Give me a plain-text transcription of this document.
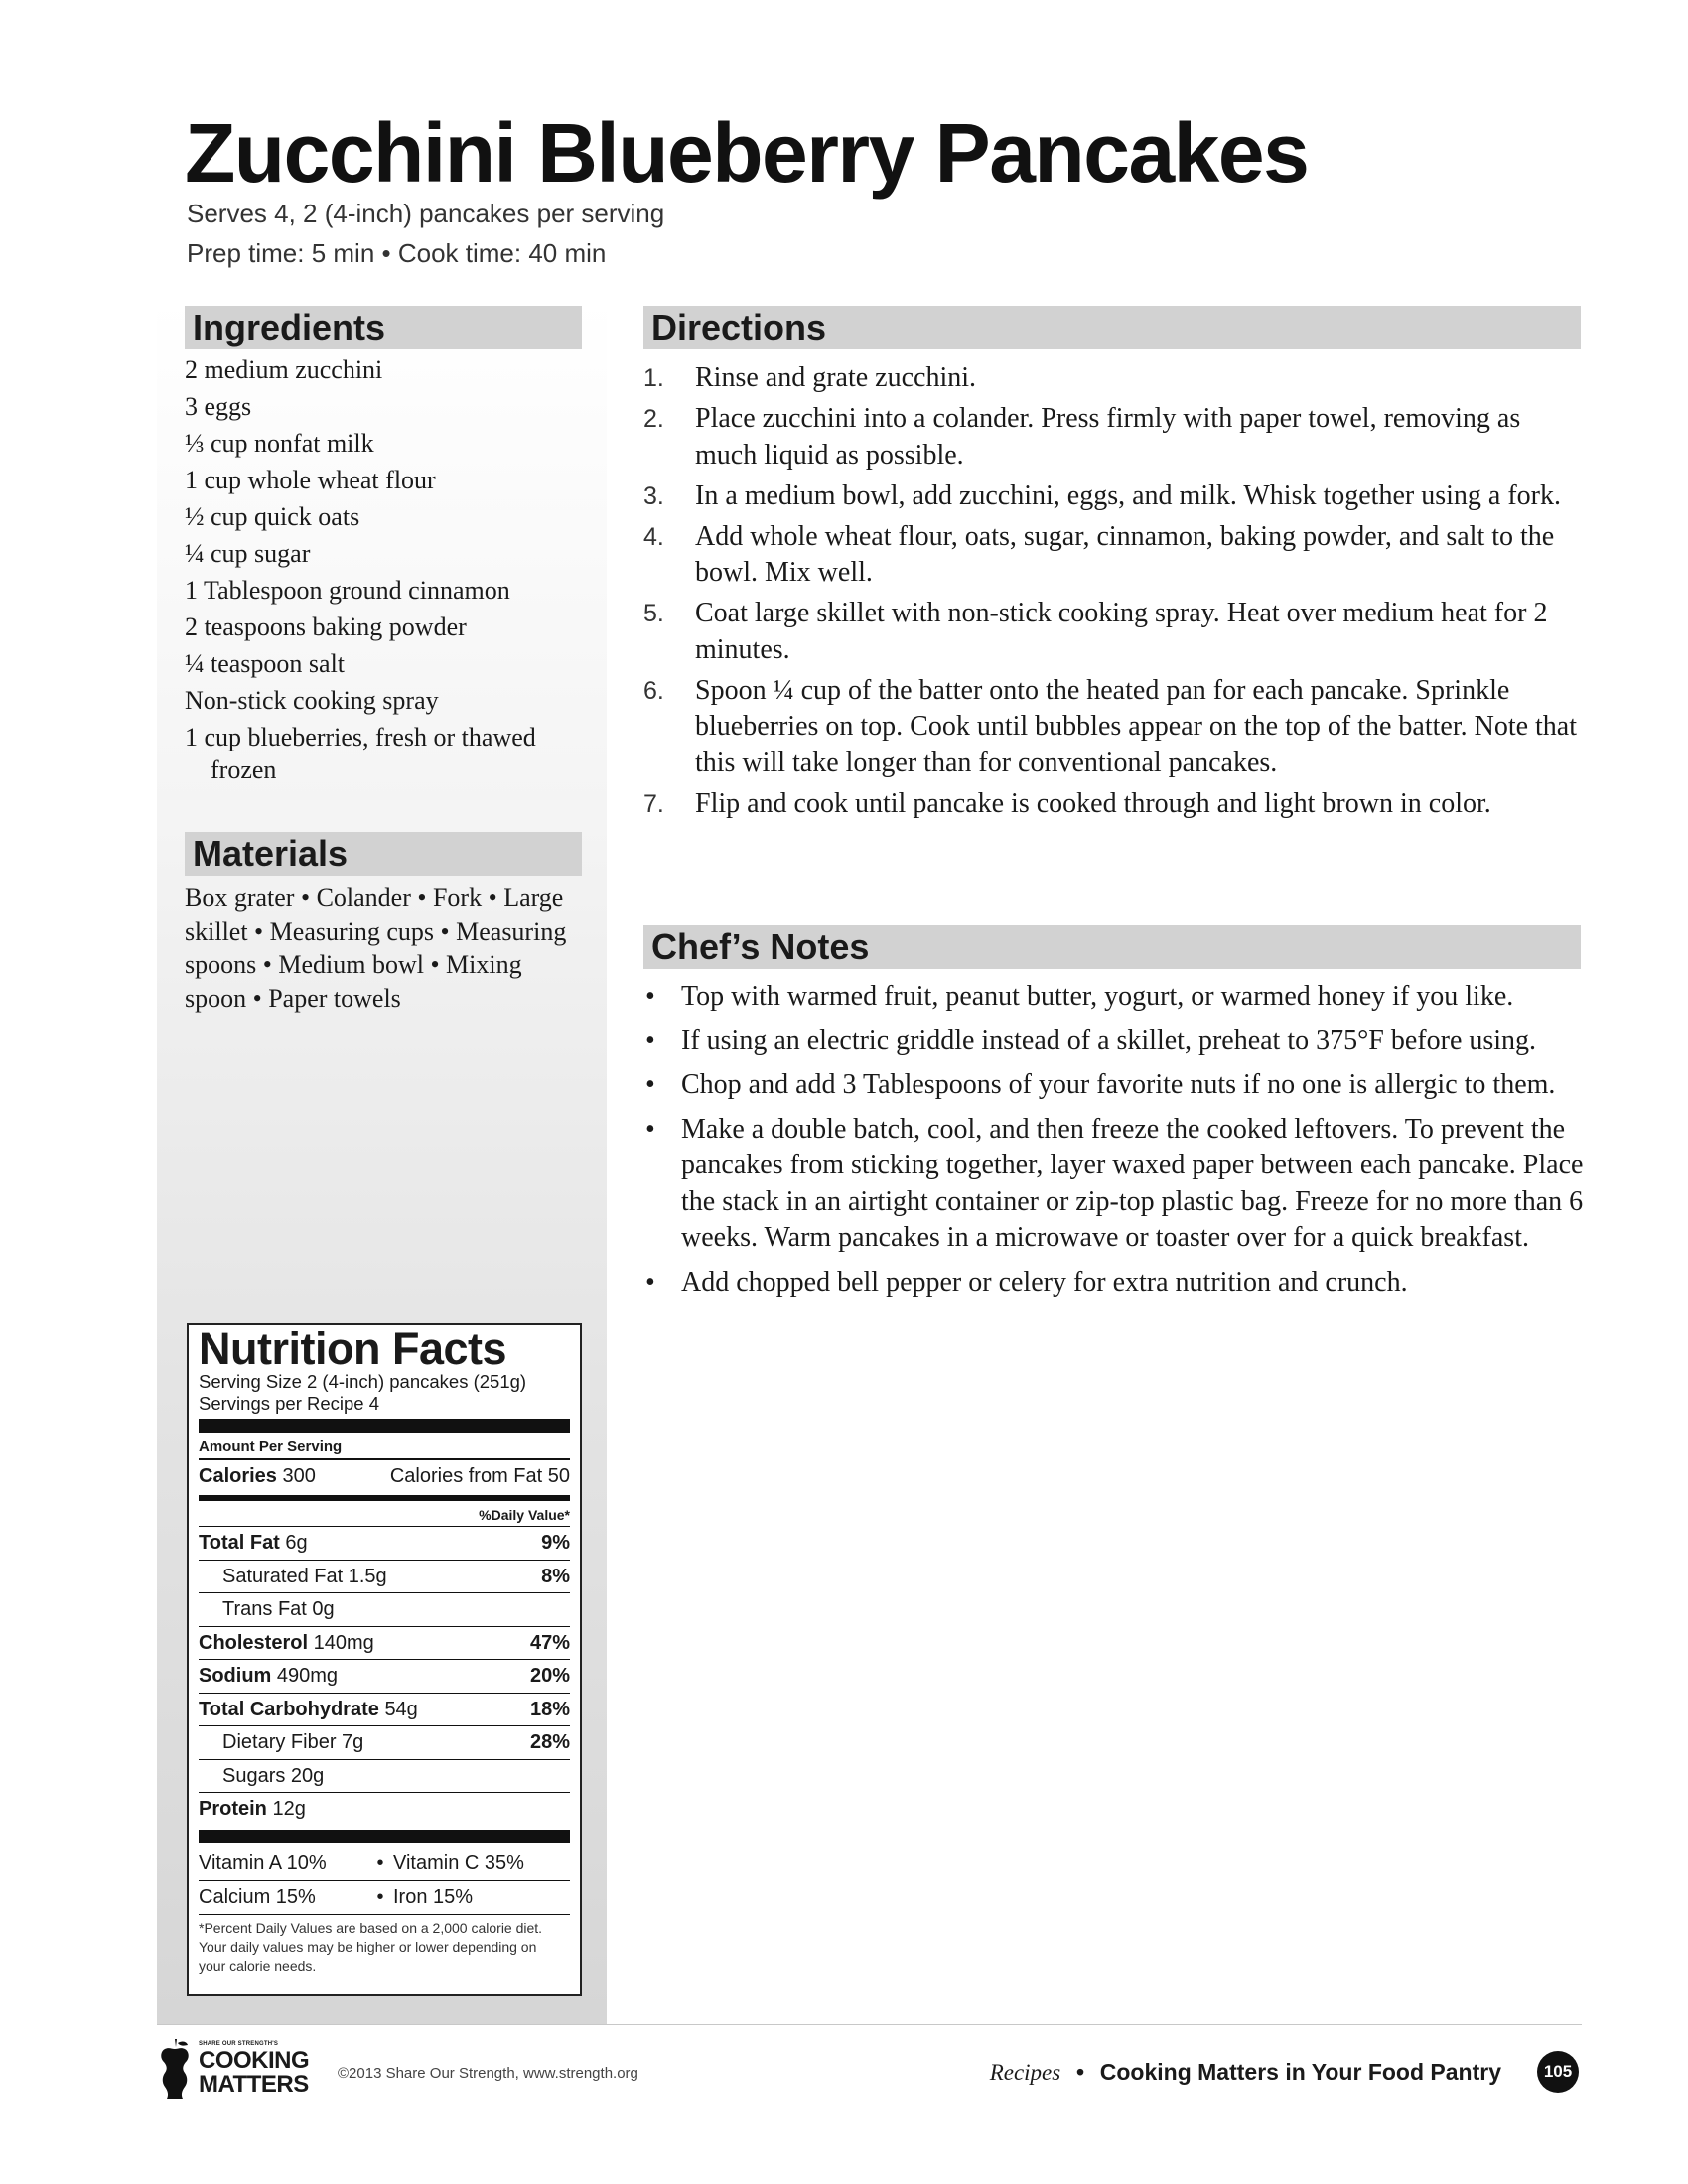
Zucchini Blueberry Pancakes
Serves 4, 2 (4-inch) pancakes per serving
Prep time: 5 min • Cook time: 40 min
Ingredients
2 medium zucchini
3 eggs
⅓ cup nonfat milk
1 cup whole wheat flour
½ cup quick oats
¼ cup sugar
1 Tablespoon ground cinnamon
2 teaspoons baking powder
¼ teaspoon salt
Non-stick cooking spray
1 cup blueberries, fresh or thawed frozen
Materials
Box grater • Colander • Fork • Large skillet • Measuring cups • Measuring spoons • Medium bowl • Mixing spoon • Paper towels
Directions
1. Rinse and grate zucchini.
2. Place zucchini into a colander. Press firmly with paper towel, removing as much liquid as possible.
3. In a medium bowl, add zucchini, eggs, and milk. Whisk together using a fork.
4. Add whole wheat flour, oats, sugar, cinnamon, baking powder, and salt to the bowl. Mix well.
5. Coat large skillet with non-stick cooking spray. Heat over medium heat for 2 minutes.
6. Spoon ¼ cup of the batter onto the heated pan for each pancake. Sprinkle blueberries on top. Cook until bubbles appear on the top of the batter. Note that this will take longer than for conventional pancakes.
7. Flip and cook until pancake is cooked through and light brown in color.
Chef’s Notes
• Top with warmed fruit, peanut butter, yogurt, or warmed honey if you like.
• If using an electric griddle instead of a skillet, preheat to 375°F before using.
• Chop and add 3 Tablespoons of your favorite nuts if no one is allergic to them.
• Make a double batch, cool, and then freeze the cooked leftovers. To prevent the pancakes from sticking together, layer waxed paper between each pancake. Place the stack in an airtight container or zip-top plastic bag. Freeze for no more than 6 weeks. Warm pancakes in a microwave or toaster over for a quick breakfast.
• Add chopped bell pepper or celery for extra nutrition and crunch.
Nutrition Facts
Serving Size 2 (4-inch) pancakes (251g)
Servings per Recipe 4
Amount Per Serving
Calories 300	Calories from Fat 50
%Daily Value*
Total Fat 6g	9%
Saturated Fat 1.5g	8%
Trans Fat 0g
Cholesterol 140mg	47%
Sodium 490mg	20%
Total Carbohydrate 54g	18%
Dietary Fiber 7g	28%
Sugars 20g
Protein 12g
Vitamin A 10%	• Vitamin C 35%
Calcium 15%	• Iron 15%
*Percent Daily Values are based on a 2,000 calorie diet. Your daily values may be higher or lower depending on your calorie needs.
SHARE OUR STRENGTH'S
COOKING
MATTERS ©2013 Share Our Strength, www.strength.org	Recipes • Cooking Matters in Your Food Pantry	105
